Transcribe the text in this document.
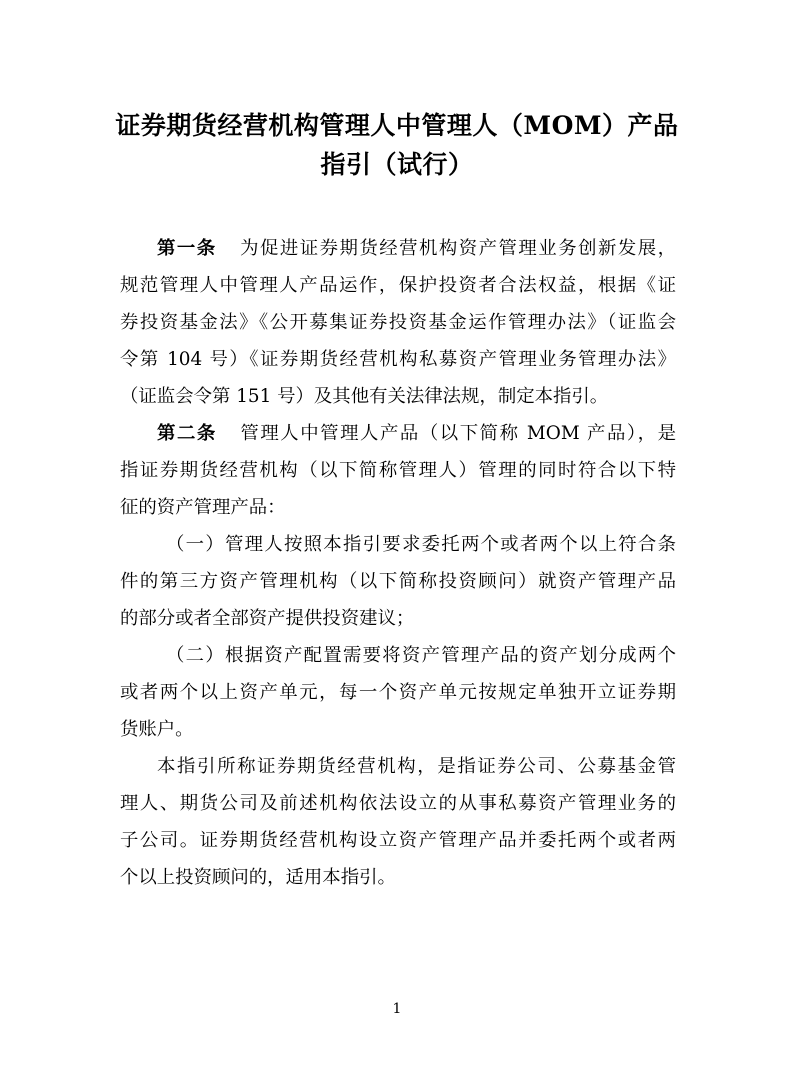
证券期货经营机构管理人中管理人（MOM）产品
指引（试行）
第一条 为促进证券期货经营机构资产管理业务创新发展，
规范管理人中管理人产品运作，保护投资者合法权益，根据《证
券投资基金法》《公开募集证券投资基金运作管理办法》（证监会
令第 104 号）《证券期货经营机构私募资产管理业务管理办法》
（证监会令第 151 号）及其他有关法律法规，制定本指引。
第二条 管理人中管理人产品（以下简称 MOM 产品），是
指证券期货经营机构（以下简称管理人）管理的同时符合以下特
征的资产管理产品：
（一）管理人按照本指引要求委托两个或者两个以上符合条
件的第三方资产管理机构（以下简称投资顾问）就资产管理产品
的部分或者全部资产提供投资建议；
（二）根据资产配置需要将资产管理产品的资产划分成两个
或者两个以上资产单元，每一个资产单元按规定单独开立证券期
货账户。
本指引所称证券期货经营机构，是指证券公司、公募基金管
理人、期货公司及前述机构依法设立的从事私募资产管理业务的
子公司。证券期货经营机构设立资产管理产品并委托两个或者两
个以上投资顾问的，适用本指引。
1
